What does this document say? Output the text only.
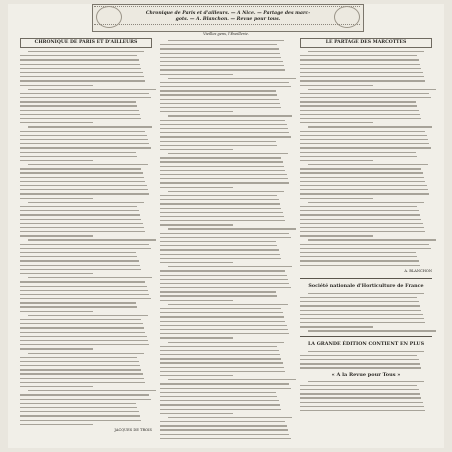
Chronique de Paris et d'ailleurs. — A Nice. — Partage des marc-
gots. — A. Blanchon. — Revue pour tous.
CHRONIQUE DE PARIS ET D'AILLEURS
JACQUES DE TROIS
Vieilles gens, l'Éveillerie.
LE PARTAGE DES MARCOTTES
A. BLANCHON
Société nationale d'Horticulture de France
LA GRANDE ÉDITION CONTIENT EN PLUS
« A la Revue pour Tous »
